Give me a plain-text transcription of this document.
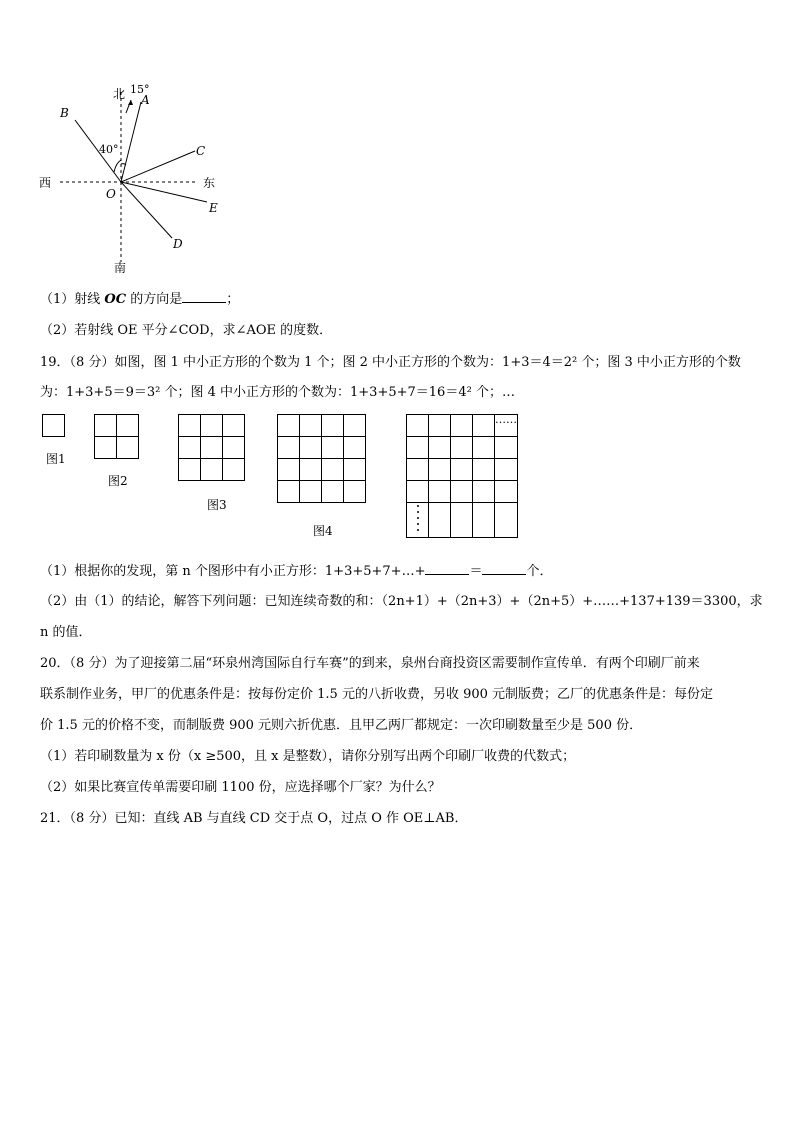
北 15°
A
B
40°	C
西	东
O
E
D
南
（1）射线 OC 的方向是	；
（2）若射线 OE 平分∠COD，求∠AOE 的度数．
19．（8 分）如图，图 1 中小正方形的个数为 1 个；图 2 中小正方形的个数为：1+3＝4＝2² 个；图 3 中小正方形的个数
为：1+3+5＝9＝3² 个；图 4 中小正方形的个数为：1+3+5+7＝16＝4² 个；…
图1

图2

图3

图4
				……

（1）根据你的发现，第 n 个图形中有小正方形：1+3+5+7+…+	＝	个．
（2）由（1）的结论，解答下列问题：已知连续奇数的和：（2n+1）+（2n+3）+（2n+5）+……+137+139＝3300，求
n 的值．
20．（8 分）为了迎接第二届“环泉州湾国际自行车赛”的到来，泉州台商投资区需要制作宣传单．有两个印刷厂前来
联系制作业务，甲厂的优惠条件是：按每份定价 1.5 元的八折收费，另收 900 元制版费；乙厂的优惠条件是：每份定
价 1.5 元的价格不变，而制版费 900 元则六折优惠．且甲乙两厂都规定：一次印刷数量至少是 500 份．
（1）若印刷数量为 x 份（x ≥500，且 x 是整数），请你分别写出两个印刷厂收费的代数式；
（2）如果比赛宣传单需要印刷 1100 份，应选择哪个厂家？为什么？
21．（8 分）已知：直线 AB 与直线 CD 交于点 O，过点 O 作 OE⊥AB．
